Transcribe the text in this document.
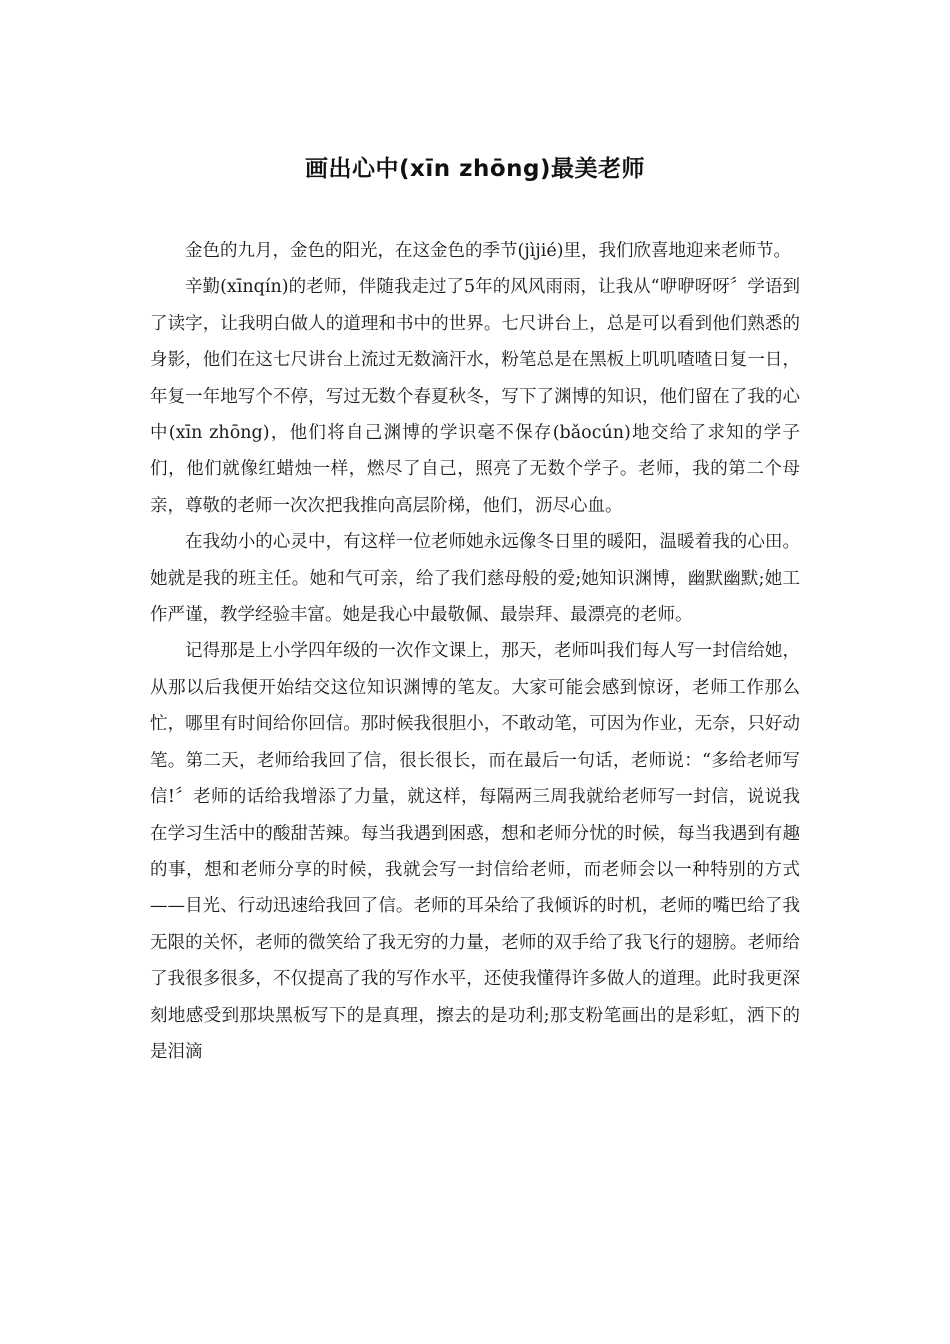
画出心中(xīn zhōng)最美老师

金色的九月，金色的阳光，在这金色的季节(jìjié)里，我们欣喜地迎来老师节。

辛勤(xīnqín)的老师，伴随我走过了5年的风风雨雨，让我从“咿咿呀呀〞学语到了读字，让我明白做人的道理和书中的世界。七尺讲台上，总是可以看到他们熟悉的身影，他们在这七尺讲台上流过无数滴汗水，粉笔总是在黑板上叽叽喳喳日复一日，年复一年地写个不停，写过无数个春夏秋冬，写下了渊博的知识，他们留在了我的心中(xīn zhōng)，他们将自己渊博的学识毫不保存(bǎocún)地交给了求知的学子们，他们就像红蜡烛一样，燃尽了自己，照亮了无数个学子。老师，我的第二个母亲，尊敬的老师一次次把我推向高层阶梯，他们，沥尽心血。

在我幼小的心灵中，有这样一位老师她永远像冬日里的暖阳，温暖着我的心田。她就是我的班主任。她和气可亲，给了我们慈母般的爱;她知识渊博，幽默幽默;她工作严谨，教学经验丰富。她是我心中最敬佩、最崇拜、最漂亮的老师。

记得那是上小学四年级的一次作文课上，那天，老师叫我们每人写一封信给她，从那以后我便开始结交这位知识渊博的笔友。大家可能会感到惊讶，老师工作那么忙，哪里有时间给你回信。那时候我很胆小，不敢动笔，可因为作业，无奈，只好动笔。第二天，老师给我回了信，很长很长，而在最后一句话，老师说：“多给老师写信!〞老师的话给我增添了力量，就这样，每隔两三周我就给老师写一封信，说说我在学习生活中的酸甜苦辣。每当我遇到困惑，想和老师分忧的时候，每当我遇到有趣的事，想和老师分享的时候，我就会写一封信给老师，而老师会以一种特别的方式——目光、行动迅速给我回了信。老师的耳朵给了我倾诉的时机，老师的嘴巴给了我无限的关怀，老师的微笑给了我无穷的力量，老师的双手给了我飞行的翅膀。老师给了我很多很多，不仅提高了我的写作水平，还使我懂得许多做人的道理。此时我更深刻地感受到那块黑板写下的是真理，擦去的是功利;那支粉笔画出的是彩虹，洒下的是泪滴
